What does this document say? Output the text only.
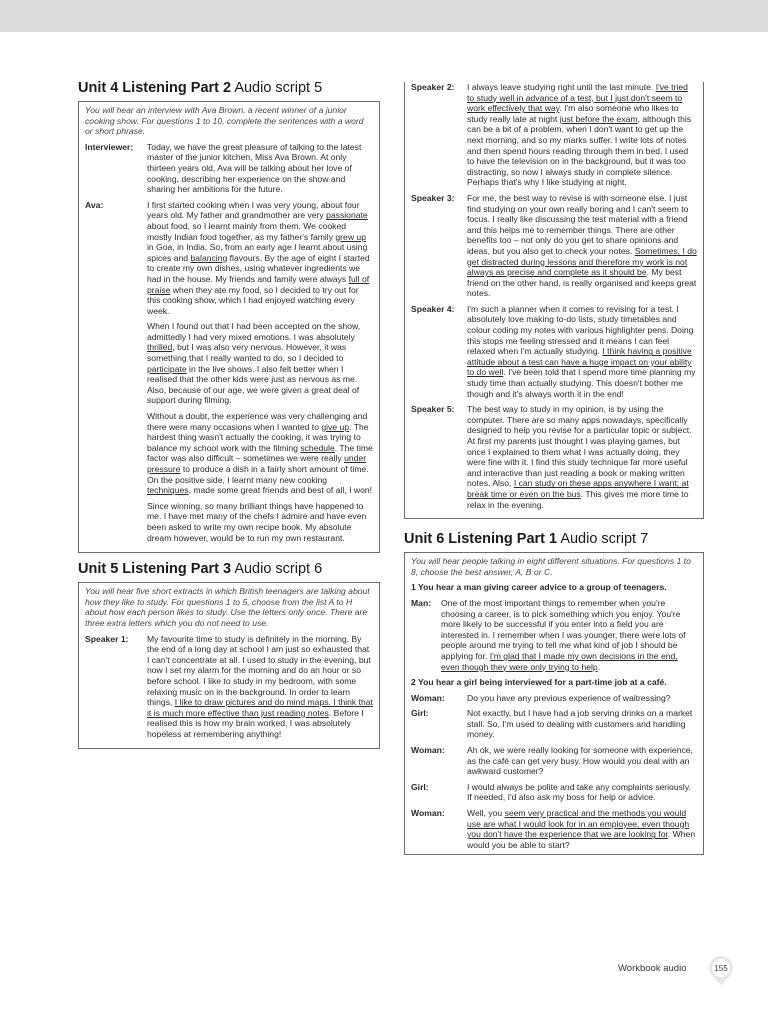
Unit 4 Listening Part 2 Audio script 5

You will hear an interview with Ava Brown, a recent winner of a junior cooking show. For questions 1 to 10, complete the sentences with a word or short phrase.

Interviewer:	Today, we have the great pleasure of talking to the latest master of the junior kitchen, Miss Ava Brown. At only thirteen years old, Ava will be talking about her love of cooking, describing her experience on the show and sharing her ambitions for the future.

Ava:	I first started cooking when I was very young, about four years old. My father and grandmother are very passionate about food, so I learnt mainly from them. We cooked mostly Indian food together, as my father's family grew up in Goa, in India. So, from an early age I learnt about using spices and balancing flavours. By the age of eight I started to create my own dishes, using whatever ingredients we had in the house. My friends and family were always full of praise when they ate my food, so I decided to try out for this cooking show, which I had enjoyed watching every week.

When I found out that I had been accepted on the show, admittedly I had very mixed emotions. I was absolutely thrilled, but I was also very nervous. However, it was something that I really wanted to do, so I decided to participate in the live shows. I also felt better when I realised that the other kids were just as nervous as me. Also, because of our age, we were given a great deal of support during filming.

Without a doubt, the experience was very challenging and there were many occasions when I wanted to give up. The hardest thing wasn't actually the cooking, it was trying to balance my school work with the filming schedule. The time factor was also difficult – sometimes we were really under pressure to produce a dish in a fairly short amount of time. On the positive side, I learnt many new cooking techniques, made some great friends and best of all, I won!

Since winning, so many brilliant things have happened to me. I have met many of the chefs I admire and have even been asked to write my own recipe book. My absolute dream however, would be to run my own restaurant.

Unit 5 Listening Part 3 Audio script 6

You will hear five short extracts in which British teenagers are talking about how they like to study. For questions 1 to 5, choose from the list A to H about how each person likes to study. Use the letters only once. There are three extra letters which you do not need to use.

Speaker 1:	My favourite time to study is definitely in the morning. By the end of a long day at school I am just so exhausted that I can't concentrate at all. I used to study in the evening, but now I set my alarm for the morning and do an hour or so before school. I like to study in my bedroom, with some relaxing music on in the background. In order to learn things, I like to draw pictures and do mind maps. I think that it is much more effective than just reading notes. Before I realised this is how my brain worked, I was absolutely hopeless at remembering anything!

Speaker 2:	I always leave studying right until the last minute. I've tried to study well in advance of a test, but I just don't seem to work effectively that way. I'm also someone who likes to study really late at night just before the exam, although this can be a bit of a problem, when I don't want to get up the next morning, and so my marks suffer. I write lots of notes and then spend hours reading through them in bed. I used to have the television on in the background, but it was too distracting, so now I always study in complete silence. Perhaps that's why I like studying at night.

Speaker 3:	For me, the best way to revise is with someone else. I just find studying on your own really boring and I can't seem to focus. I really like discussing the test material with a friend and this helps me to remember things. There are other benefits too – not only do you get to share opinions and ideas, but you also get to check your notes. Sometimes, I do get distracted during lessons and therefore my work is not always as precise and complete as it should be. My best friend on the other hand, is really organised and keeps great notes.

Speaker 4:	I'm such a planner when it comes to revising for a test. I absolutely love making to-do lists, study timetables and colour coding my notes with various highlighter pens. Doing this stops me feeling stressed and it means I can feel relaxed when I'm actually studying. I think having a positive attitude about a test can have a huge impact on your ability to do well. I've been told that I spend more time planning my study time than actually studying. This doesn't bother me though and it's always worth it in the end!

Speaker 5:	The best way to study in my opinion, is by using the computer. There are so many apps nowadays, specifically designed to help you revise for a particular topic or subject. At first my parents just thought I was playing games, but once I explained to them what I was actually doing, they were fine with it. I find this study technique far more useful and interactive than just reading a book or making written notes. Also, I can study on these apps anywhere I want; at break time or even on the bus. This gives me more time to relax in the evening.

Unit 6 Listening Part 1 Audio script 7

You will hear people talking in eight different situations. For questions 1 to 8, choose the best answer, A, B or C.

1 You hear a man giving career advice to a group of teenagers.

Man:	One of the most important things to remember when you're choosing a career, is to pick something which you enjoy. You're more likely to be successful if you enter into a field you are interested in. I remember when I was younger, there were lots of people around me trying to tell me what kind of job I should be applying for. I'm glad that I made my own decisions in the end, even though they were only trying to help.

2 You hear a girl being interviewed for a part-time job at a café.

Woman:	Do you have any previous experience of waitressing?

Girl:	Not exactly, but I have had a job serving drinks on a market stall. So, I'm used to dealing with customers and handling money.

Woman:	Ah ok, we were really looking for someone with experience, as the café can get very busy. How would you deal with an awkward customer?

Girl:	I would always be polite and take any complaints seriously. If needed, I'd also ask my boss for help or advice.

Woman:	Well, you seem very practical and the methods you would use are what I would look for in an employee, even though you don't have the experience that we are looking for. When would you be able to start?

Workbook audio	155
